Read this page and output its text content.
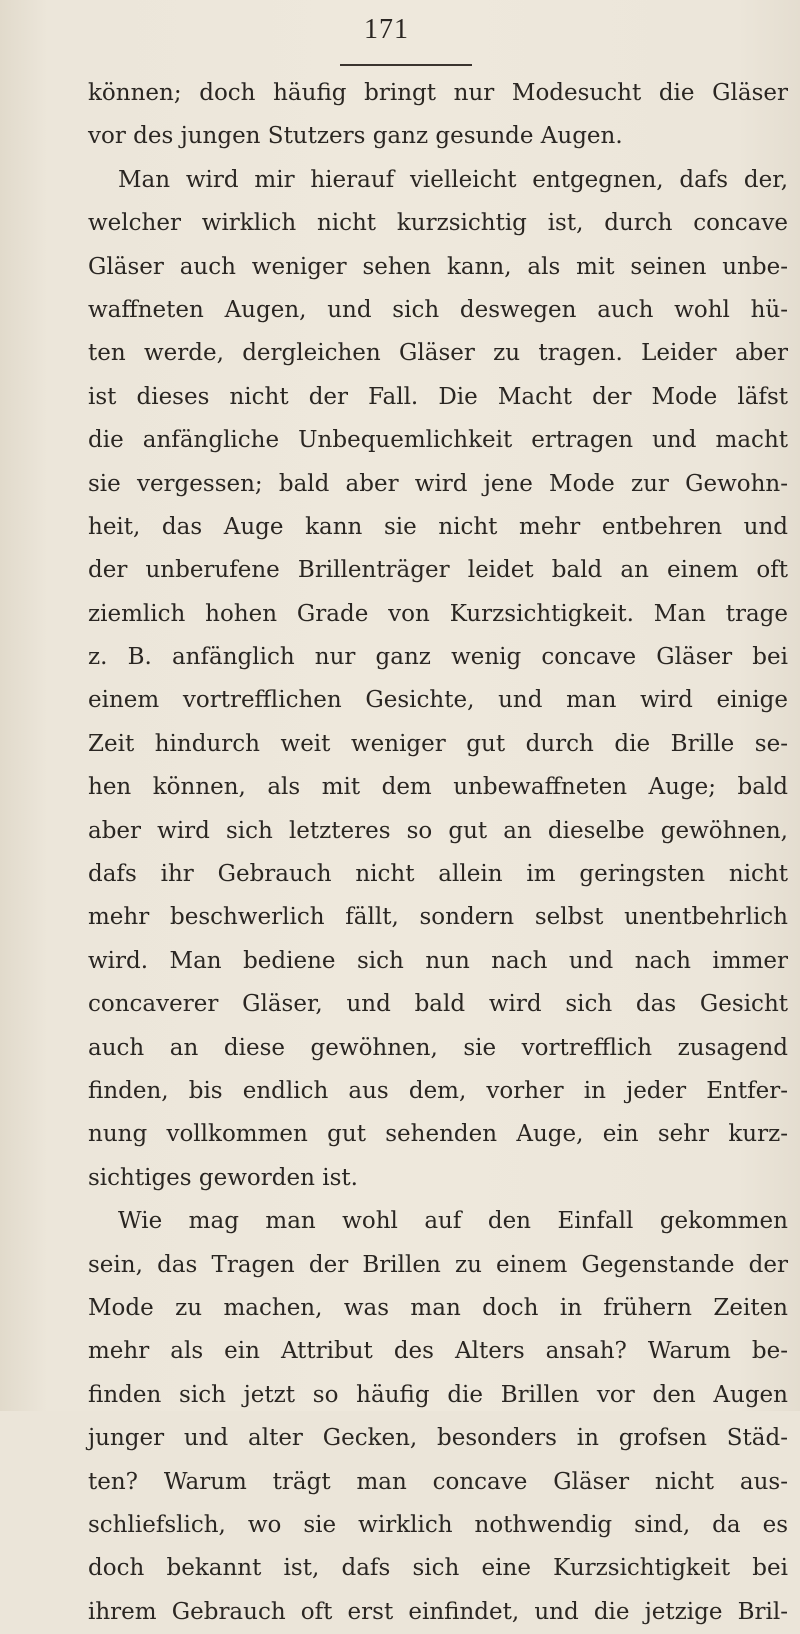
171
können; doch häufig bringt nur Modesucht die Gläser
vor des jungen Stutzers ganz gesunde Augen.
Man wird mir hierauf vielleicht entgegnen, dafs der,
welcher wirklich nicht kurzsichtig ist, durch concave
Gläser auch weniger sehen kann, als mit seinen unbe-
waffneten Augen, und sich deswegen auch wohl hü-
ten werde, dergleichen Gläser zu tragen. Leider aber
ist dieses nicht der Fall. Die Macht der Mode läfst
die anfängliche Unbequemlichkeit ertragen und macht
sie vergessen; bald aber wird jene Mode zur Gewohn-
heit, das Auge kann sie nicht mehr entbehren und
der unberufene Brillenträger leidet bald an einem oft
ziemlich hohen Grade von Kurzsichtigkeit. Man trage
z. B. anfänglich nur ganz wenig concave Gläser bei
einem vortrefflichen Gesichte, und man wird einige
Zeit hindurch weit weniger gut durch die Brille se-
hen können, als mit dem unbewaffneten Auge; bald
aber wird sich letzteres so gut an dieselbe gewöhnen,
dafs ihr Gebrauch nicht allein im geringsten nicht
mehr beschwerlich fällt, sondern selbst unentbehrlich
wird. Man bediene sich nun nach und nach immer
concaverer Gläser, und bald wird sich das Gesicht
auch an diese gewöhnen, sie vortrefflich zusagend
finden, bis endlich aus dem, vorher in jeder Entfer-
nung vollkommen gut sehenden Auge, ein sehr kurz-
sichtiges geworden ist.
Wie mag man wohl auf den Einfall gekommen
sein, das Tragen der Brillen zu einem Gegenstande der
Mode zu machen, was man doch in frühern Zeiten
mehr als ein Attribut des Alters ansah? Warum be-
finden sich jetzt so häufig die Brillen vor den Augen
junger und alter Gecken, besonders in grofsen Städ-
ten? Warum trägt man concave Gläser nicht aus-
schliefslich, wo sie wirklich nothwendig sind, da es
doch bekannt ist, dafs sich eine Kurzsichtigkeit bei
ihrem Gebrauch oft erst einfindet, und die jetzige Bril-
